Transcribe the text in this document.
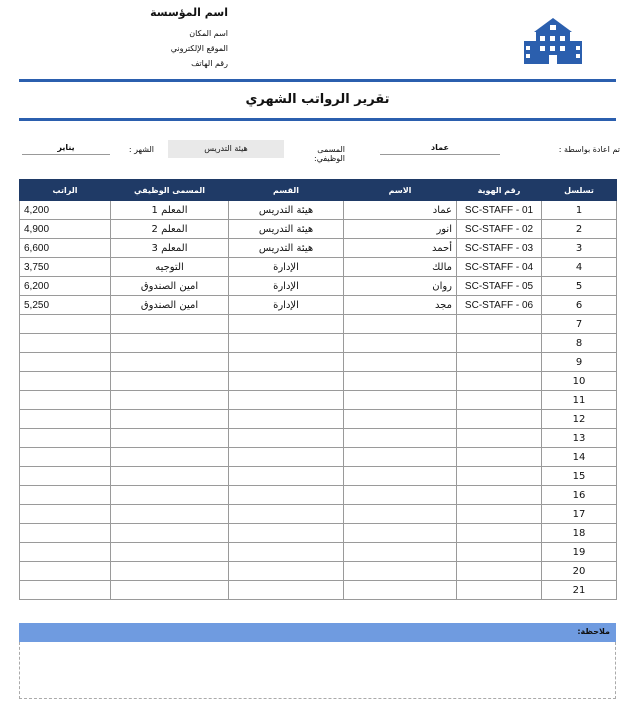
اسم المؤسسة
اسم المكان
الموقع الإلكتروني
رقم الهاتف
تقرير الرواتب الشهري
تم اعادة بواسطة :
عماد
المسمى الوظيفي:
هيئة التدريس
الشهر :
يناير
الراتب	المسمى الوظيفي	القسم	الاسم	رقم الهوية	تسلسل
4,200	المعلم 1	هيئة التدريس	عماد	SC-STAFF - 01	1
4,900	المعلم 2	هيئة التدريس	انور	SC-STAFF - 02	2
6,600	المعلم 3	هيئة التدريس	أحمد	SC-STAFF - 03	3
3,750	التوجيه	الإدارة	مالك	SC-STAFF - 04	4
6,200	امين الصندوق	الإدارة	روان	SC-STAFF - 05	5
5,250	امين الصندوق	الإدارة	مجد	SC-STAFF - 06	6
					7
					8
					9
					10
					11
					12
					13
					14
					15
					16
					17
					18
					19
					20
					21
ملاحظة:
